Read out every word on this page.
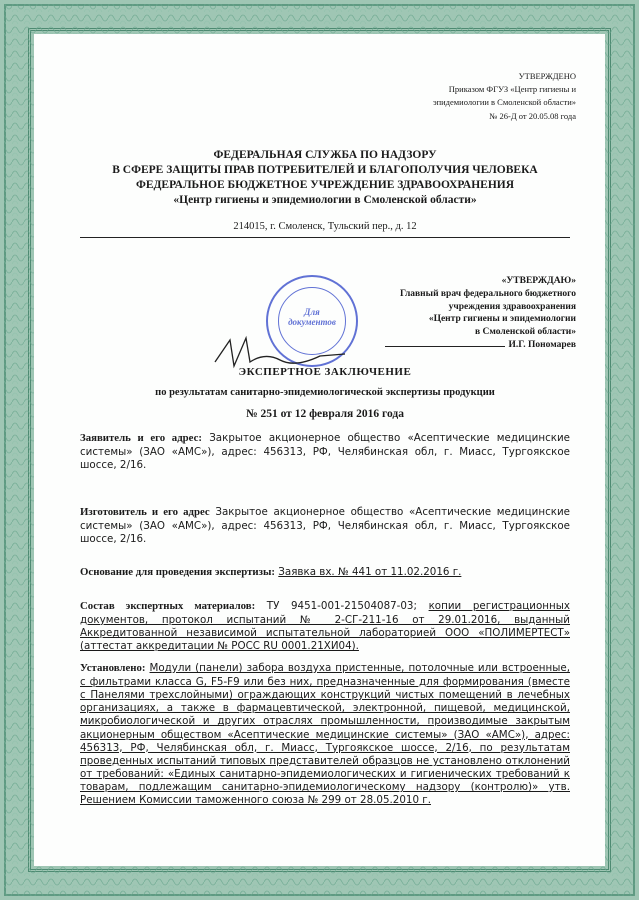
УТВЕРЖДЕНО
Приказом ФГУЗ «Центр гигиены и
эпидемиологии в Смоленской области»
№ 26-Д от 20.05.08 года
ФЕДЕРАЛЬНАЯ СЛУЖБА ПО НАДЗОРУ
В СФЕРЕ ЗАЩИТЫ ПРАВ ПОТРЕБИТЕЛЕЙ И БЛАГОПОЛУЧИЯ ЧЕЛОВЕКА
ФЕДЕРАЛЬНОЕ БЮДЖЕТНОЕ УЧРЕЖДЕНИЕ ЗДРАВООХРАНЕНИЯ
«Центр гигиены и эпидемиологии в Смоленской области»
214015, г. Смоленск, Тульский пер., д. 12
Для
документов
«УТВЕРЖДАЮ»
Главный врач федерального бюджетного
учреждения здравоохранения
«Центр гигиены и эпидемиологии
в Смоленской области»
И.Г. Пономарев
ЭКСПЕРТНОЕ ЗАКЛЮЧЕНИЕ
по результатам санитарно-эпидемиологической экспертизы продукции
№ 251 от 12 февраля 2016 года
Заявитель и его адрес: Закрытое акционерное общество «Асептические медицинские системы» (ЗАО «АМС»), адрес: 456313, РФ, Челябинская обл, г. Миасс, Тургоякское шоссе, 2/16.
Изготовитель и его адрес Закрытое акционерное общество «Асептические медицинские системы» (ЗАО «АМС»), адрес: 456313, РФ, Челябинская обл, г. Миасс, Тургоякское шоссе, 2/16.
Основание для проведения экспертизы: Заявка вх. № 441 от 11.02.2016 г.
Состав экспертных материалов: ТУ 9451-001-21504087-03; копии регистрационных документов, протокол испытаний № 2-СГ-211-16 от 29.01.2016, выданный Аккредитованной независимой испытательной лабораторией ООО «ПОЛИМЕРТЕСТ» (аттестат аккредитации № РОСС RU 0001.21ХИ04).
Установлено: Модули (панели) забора воздуха пристенные, потолочные или встроенные, с фильтрами класса G, F5-F9 или без них, предназначенные для формирования (вместе с Панелями трехслойными) ограждающих конструкций чистых помещений в лечебных организациях, а также в фармацевтической, электронной, пищевой, медицинской, микробиологической и других отраслях промышленности, производимые закрытым акционерным обществом «Асептические медицинские системы» (ЗАО «АМС»), адрес: 456313, РФ, Челябинская обл, г. Миасс, Тургоякское шоссе, 2/16, по результатам проведенных испытаний типовых представителей образцов не установлено отклонений от требований: «Единых санитарно-эпидемиологических и гигиенических требований к товарам, подлежащим санитарно-эпидемиологическому надзору (контролю)» утв. Решением Комиссии таможенного союза № 299 от 28.05.2010 г.
